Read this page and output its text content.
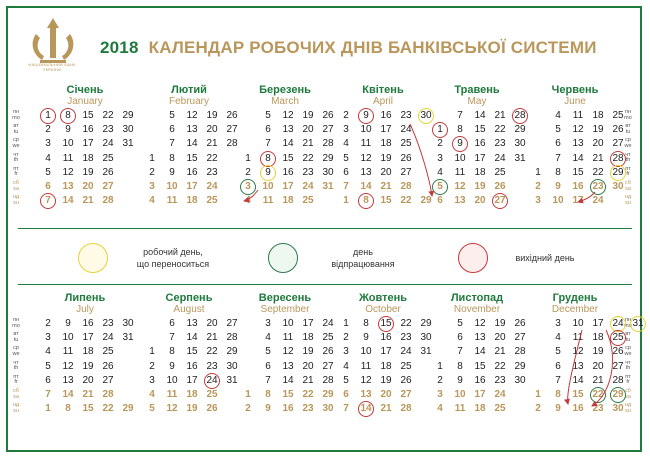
НАЦІОНАЛЬНИЙ БАНК УКРАЇНИ
2018 КАЛЕНДАР РОБОЧИХ ДНІВ БАНКІВСЬКОЇ СИСТЕМИ
Січень
January
1	8	15 22 29
2	9	16 23 30
3	10 17 24 31
4	11 18 25
5	12 19 26
6	13 20 27
7	14 21 28
Лютий
February
5	12 19 26
6	13 20 27
7	14 21 28
1	8	15 22
2	9	16 23
3	10 17 24
4	11 18 25
Березень
March
5	12 19 26
6	13 20 27
7	14 21 28
1	8	15 22 29
2	9	16 23 30
3	10 17 24 31
4	11 18 25
Квітень
April
2	9	16 23 30
3	10 17 24
4	11 18 25
5	12 19 26
6	13 20 27
7	14 21 28
1	8	15 22 29
Травень
May
7	14 21 28
1	8	15 22 29
2	9	16 23 30
3	10 17 24 31
4	11 18 25
5	12 19 26
6	13 20 27
Червень
June
4	11 18 25
5	12 19 26
6	13 20 27
7	14 21 28
1	8	15 22 29
2	9	16 23 30
3	10 17 24
Липень
July
2	9	16 23 30
3	10 17 24 31
4	11 18 25
5	12 19 26
6	13 20 27
7	14 21 28
1	8	15 22 29
Серпень
August
6	13 20 27
7	14 21 28
1	8	15 22 29
2	9	16 23 30
3	10 17 24 31
4	11 18 25
5	12 19 26
Вересень
September
3	10 17 24
4	11 18 25
5	12 19 26
6	13 20 27
7	14 21 28
1	8	15 22 29
2	9	16 23 30
Жовтень
October
1	8	15 22 29
2	9	16 23 30
3	10 17 24 31
4	11 18 25
5	12 19 26
6	13 20 27
7	14 21 28
Листопад
November
5	12 19 26
6	13 20 27
7	14 21 28
1	8	15 22 29
2	9	16 23 30
3	10 17 24
4	11 18 25
Грудень
December
3	10 17 24 31
4	11 18 25
5	12 19 26
6	13 20 27
7	14 21 28
1	8	15 22 29
2	9	16 23 30
пн
mo
вт
tu
ср
we
чт
th
пт
fr
сб
sa
нд
su
пн
mo
вт
tu
ср
we
чт
th
пт
fr
сб
sa
нд
su
пн
mo
вт
tu
ср
we
чт
th
пт
fr
сб
sa
нд
su
пн
mo
вт
tu
ср
we
чт
th
пт
fr
сб
sa
нд
su
робочий день,
що переноситься
день
відпрацювання
вихідний день
